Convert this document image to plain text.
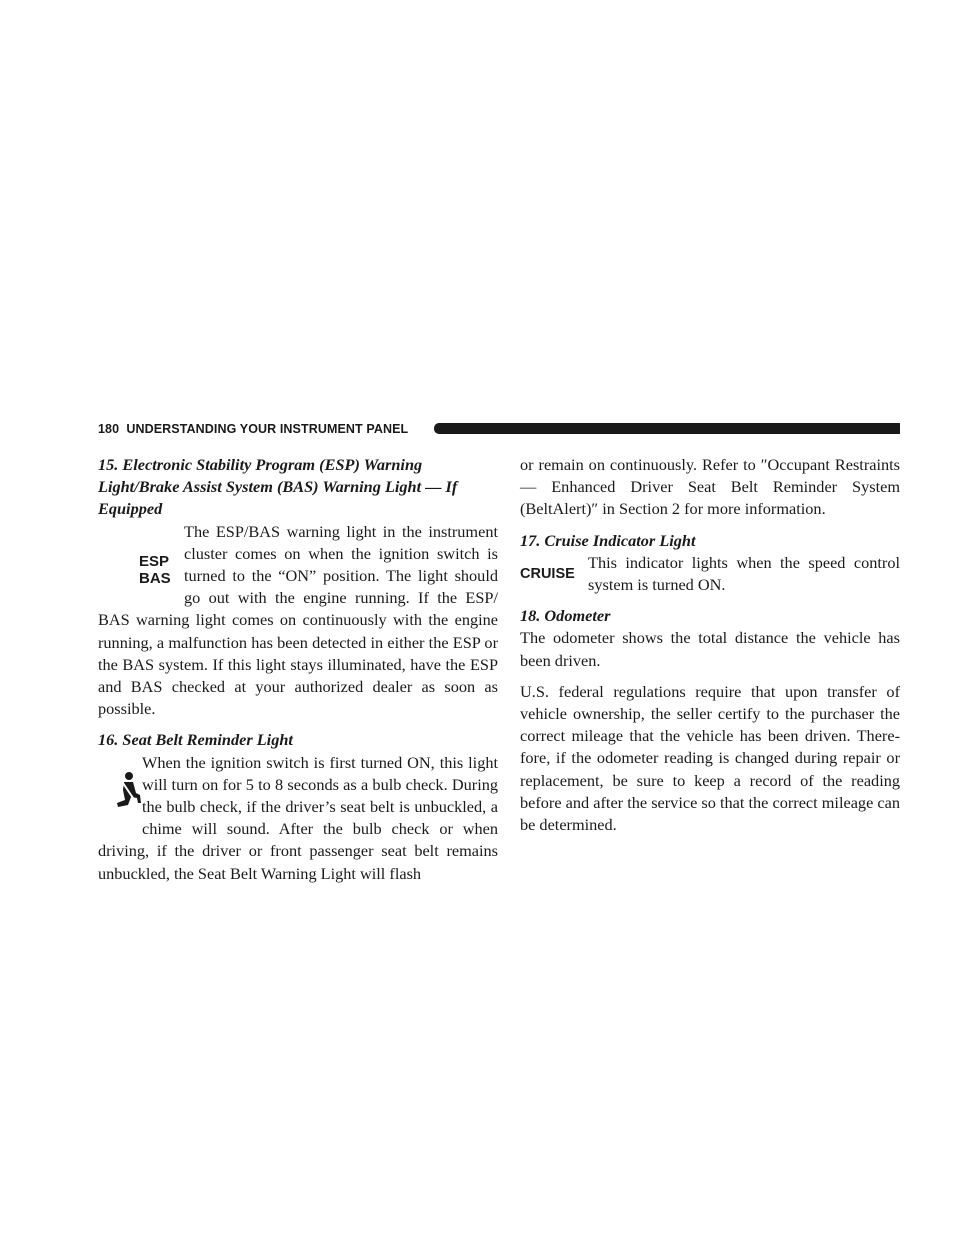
180 UNDERSTANDING YOUR INSTRUMENT PANEL

15. Electronic Stability Program (ESP) Warning Light/Brake Assist System (BAS) Warning Light — If Equipped

ESP
BAS

The ESP/BAS warning light in the instrument cluster comes on when the ignition switch is turned to the “ON” position. The light should go out with the engine running. If the ESP/ BAS warning light comes on continuously with the engine running, a malfunction has been detected in either the ESP or the BAS system. If this light stays illuminated, have the ESP and BAS checked at your authorized dealer as soon as possible.

16. Seat Belt Reminder Light

When the ignition switch is first turned ON, this light will turn on for 5 to 8 seconds as a bulb check. During the bulb check, if the driver’s seat belt is unbuckled, a chime will sound. After the bulb check or when driving, if the driver or front passenger seat belt remains unbuckled, the Seat Belt Warning Light will flash

or remain on continuously. Refer to ″Occupant Restraints — Enhanced Driver Seat Belt Reminder System (BeltAlert)″ in Section 2 for more information.

17. Cruise Indicator Light

CRUISE

This indicator lights when the speed control system is turned ON.

18. Odometer

The odometer shows the total distance the vehicle has been driven.

U.S. federal regulations require that upon transfer of vehicle ownership, the seller certify to the purchaser the correct mileage that the vehicle has been driven. There- fore, if the odometer reading is changed during repair or replacement, be sure to keep a record of the reading before and after the service so that the correct mileage can be determined.
